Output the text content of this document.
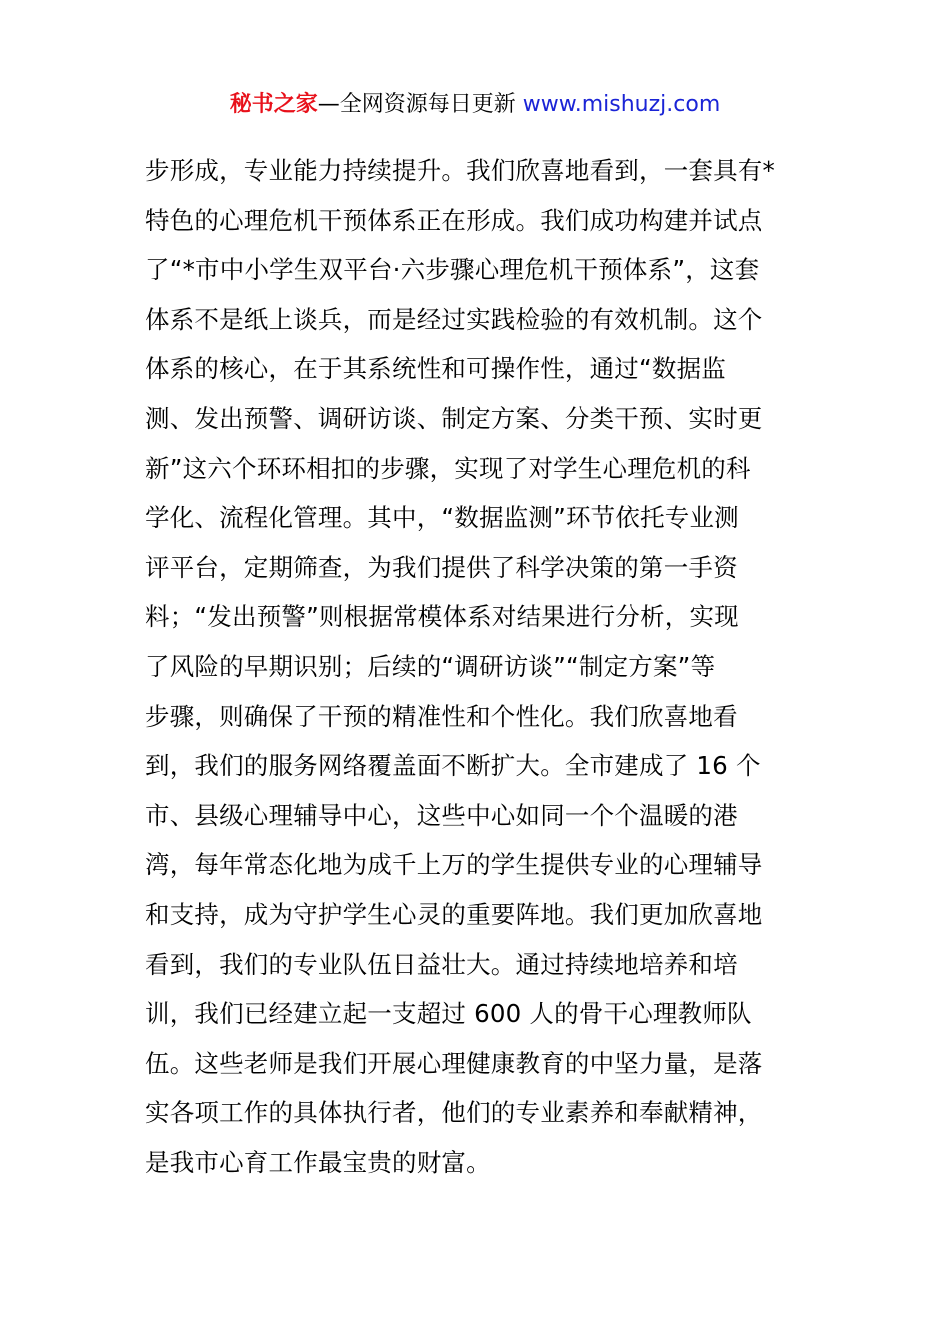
秘书之家—全网资源每日更新 www.mishuzj.com
步形成，专业能力持续提升。我们欣喜地看到，一套具有*
特色的心理危机干预体系正在形成。我们成功构建并试点
了“*市中小学生双平台·六步骤心理危机干预体系”，这套
体系不是纸上谈兵，而是经过实践检验的有效机制。这个
体系的核心，在于其系统性和可操作性，通过“数据监
测、发出预警、调研访谈、制定方案、分类干预、实时更
新”这六个环环相扣的步骤，实现了对学生心理危机的科
学化、流程化管理。其中，“数据监测”环节依托专业测
评平台，定期筛查，为我们提供了科学决策的第一手资
料；“发出预警”则根据常模体系对结果进行分析，实现
了风险的早期识别；后续的“调研访谈”“制定方案”等
步骤，则确保了干预的精准性和个性化。我们欣喜地看
到，我们的服务网络覆盖面不断扩大。全市建成了 16 个
市、县级心理辅导中心，这些中心如同一个个温暖的港
湾，每年常态化地为成千上万的学生提供专业的心理辅导
和支持，成为守护学生心灵的重要阵地。我们更加欣喜地
看到，我们的专业队伍日益壮大。通过持续地培养和培
训，我们已经建立起一支超过 600 人的骨干心理教师队
伍。这些老师是我们开展心理健康教育的中坚力量，是落
实各项工作的具体执行者，他们的专业素养和奉献精神，
是我市心育工作最宝贵的财富。
